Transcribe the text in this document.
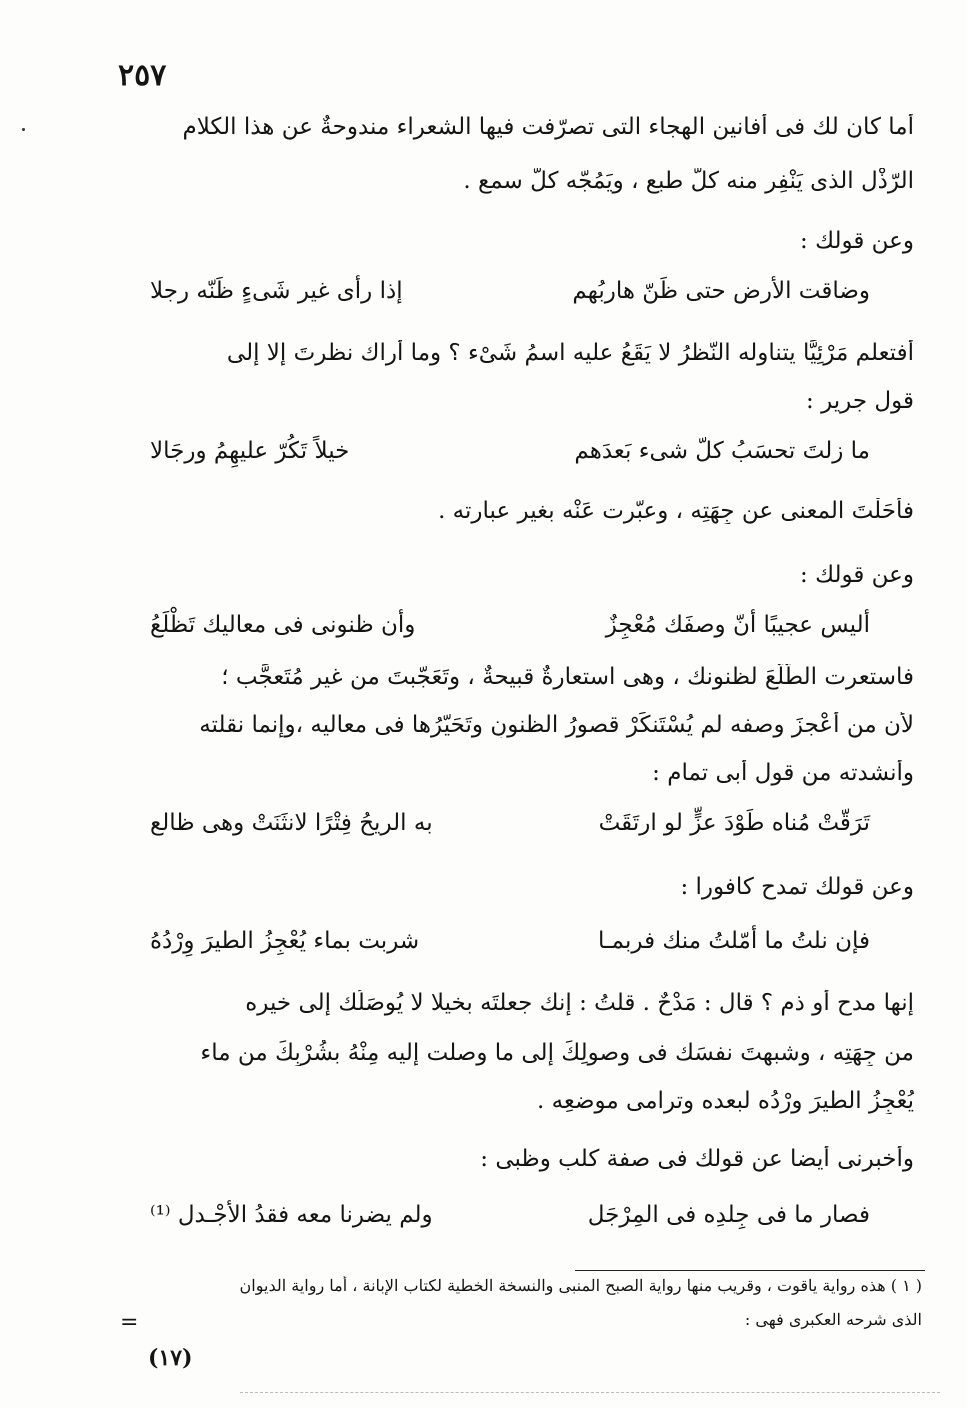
٢٥٧
أما كان لك فى أفانين الهجاء التى تصرّفت فيها الشعراء مندوحةٌ عن هذا الكلام
الرّذْل الذى يَنْفِر منه كلّ طبع ، ويَمُجّه كلّ سمع .
وعن قولك :
وضاقت الأرض حتى ظَنّ هاربُهم
إذا رأى غير شَىءٍ ظَنّه رجلا
أفتعلم مَرْئِيًّا يتناوله النّظرُ لا يَقَعُ عليه اسمُ شَىْء ؟ وما أراك نظرتَ إلا إلى
قول جرير :
ما زلتَ تحسَبُ كلّ شىء بَعدَهم
خيلاً تَكُرّ عليهِمُ ورجَالا
فأحَلْتَ المعنى عن جِهَتِه ، وعبّرت عَنْه بغير عبارته .
وعن قولك :
أليس عجيبًا أنّ وصفَك مُعْجِزٌ
وأن ظنونى فى معاليك تَظْلَعُ
فاستعرت الطّلّعَ لظنونك ، وهى استعارةٌ قبيحةٌ ، وتَعَجّبتَ من غير مُتَعجَّب ؛
لأن من أعْجزَ وصفه لم يُسْتَنكَرْ قصورُ الظنونِ وتَحَيّرُها فى معاليه ،وإنما نقلته
وأنشدته من قول أبى تمام :
تَرَقّتْ مُناه طَوْدَ عزٍّ لو ارتَقَتْ
به الريحُ فِتْرًا لانثَنَتْ وهى ظالع
وعن قولك تمدح كافورا :
فإن نلتُ ما أمّلتُ منك فربمـا
شربت بماء يُعْجِزُ الطيرَ وِرْدُهُ
إنها مدح أو ذم ؟ قال : مَدْحٌ . قلتُ : إنك جعلتَه بخيلا لا يُوصَلُك إلى خيره
من جِهَتِه ، وشبهتَ نفسَك فى وصولِكَ إلى ما وصلت إليه مِنْهُ بشُرْبِكَ من ماء
يُعْجِزُ الطيرَ وِرْدُه لبعده وترامى موضعِه .
وأخبرنى أيضا عن قولك فى صفة كلب وظبى :
فصار ما فى جِلدِه فى المِرْجَل
ولم يضرنا معه فقدُ الأجْـدل ⁽¹⁾
( ١ ) هذه رواية ياقوت ، وقريب منها رواية الصبح المنبى والنسخة الخطية لكتاب الإبانة ، أما رواية الديوان
الذى شرحه العكبرى فهى :
=
(١٧)
